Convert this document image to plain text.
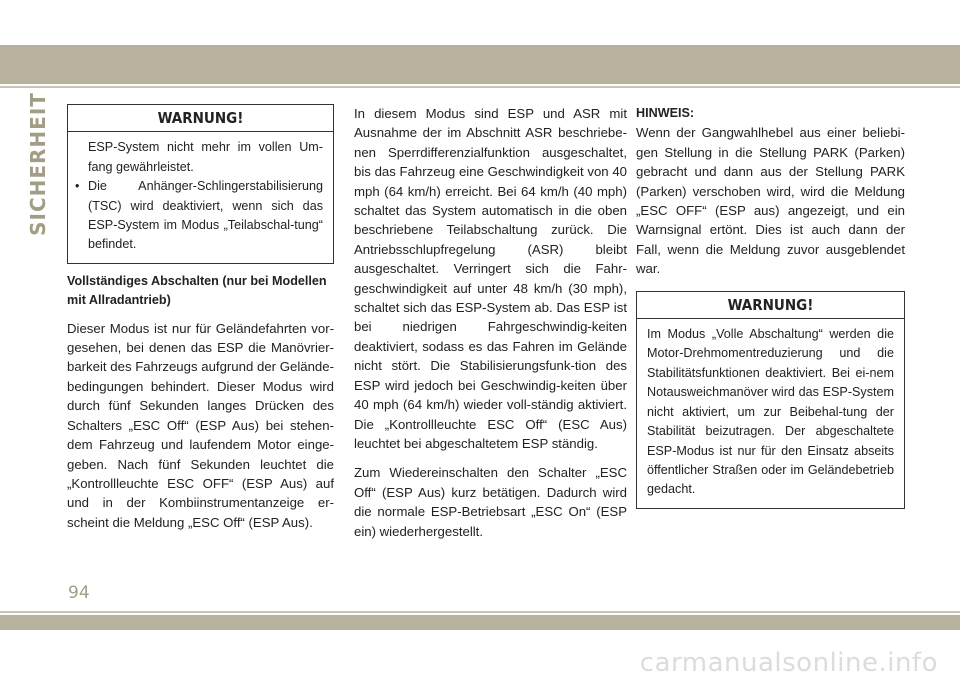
SICHERHEIT	WARNUNG!
ESP-System nicht mehr im vollen Um-fang gewährleistet.
• Die Anhänger-Schlingerstabilisierung (TSC) wird deaktiviert, wenn sich das ESP-System im Modus „Teilabschal-tung“ befindet.
Vollständiges Abschalten (nur bei Modellen mit Allradantrieb)

Dieser Modus ist nur für Geländefahrten vor-gesehen, bei denen das ESP die Manövrier-barkeit des Fahrzeugs aufgrund der Gelände-bedingungen behindert. Dieser Modus wird durch fünf Sekunden langes Drücken des Schalters „ESC Off“ (ESP Aus) bei stehen-dem Fahrzeug und laufendem Motor einge-geben. Nach fünf Sekunden leuchtet die „Kontrollleuchte ESC OFF“ (ESP Aus) auf und in der Kombiinstrumentanzeige er-scheint die Meldung „ESC Off“ (ESP Aus).

In diesem Modus sind ESP und ASR mit Ausnahme der im Abschnitt ASR beschriebe-nen Sperrdifferenzialfunktion ausgeschaltet, bis das Fahrzeug eine Geschwindigkeit von 40 mph (64 km/h) erreicht. Bei 64 km/h (40 mph) schaltet das System automatisch in die oben beschriebene Teilabschaltung zurück. Die Antriebsschlupfregelung (ASR) bleibt ausgeschaltet. Verringert sich die Fahr-geschwindigkeit auf unter 48 km/h (30 mph), schaltet sich das ESP-System ab. Das ESP ist bei niedrigen Fahrgeschwindig-keiten deaktiviert, sodass es das Fahren im Gelände nicht stört. Die Stabilisierungsfunk-tion des ESP wird jedoch bei Geschwindig-keiten über 40 mph (64 km/h) wieder voll-ständig aktiviert. Die „Kontrollleuchte ESC Off“ (ESC Aus) leuchtet bei abgeschaltetem ESP ständig.

Zum Wiedereinschalten den Schalter „ESC Off“ (ESP Aus) kurz betätigen. Dadurch wird die normale ESP-Betriebsart „ESC On“ (ESP ein) wiederhergestellt.

HINWEIS:

Wenn der Gangwahlhebel aus einer beliebi-gen Stellung in die Stellung PARK (Parken) gebracht und dann aus der Stellung PARK (Parken) verschoben wird, wird die Meldung „ESC OFF“ (ESP aus) angezeigt, und ein Warnsignal ertönt. Dies ist auch dann der Fall, wenn die Meldung zuvor ausgeblendet war.

WARNUNG!
Im Modus „Volle Abschaltung“ werden die Motor-Drehmomentreduzierung und die Stabilitätsfunktionen deaktiviert. Bei ei-nem Notausweichmanöver wird das ESP-System nicht aktiviert, um zur Beibehal-tung der Stabilität beizutragen. Der abgeschaltete ESP-Modus ist nur für den Einsatz abseits öffentlicher Straßen oder im Geländebetrieb gedacht.
94
carmanualsonline.info
